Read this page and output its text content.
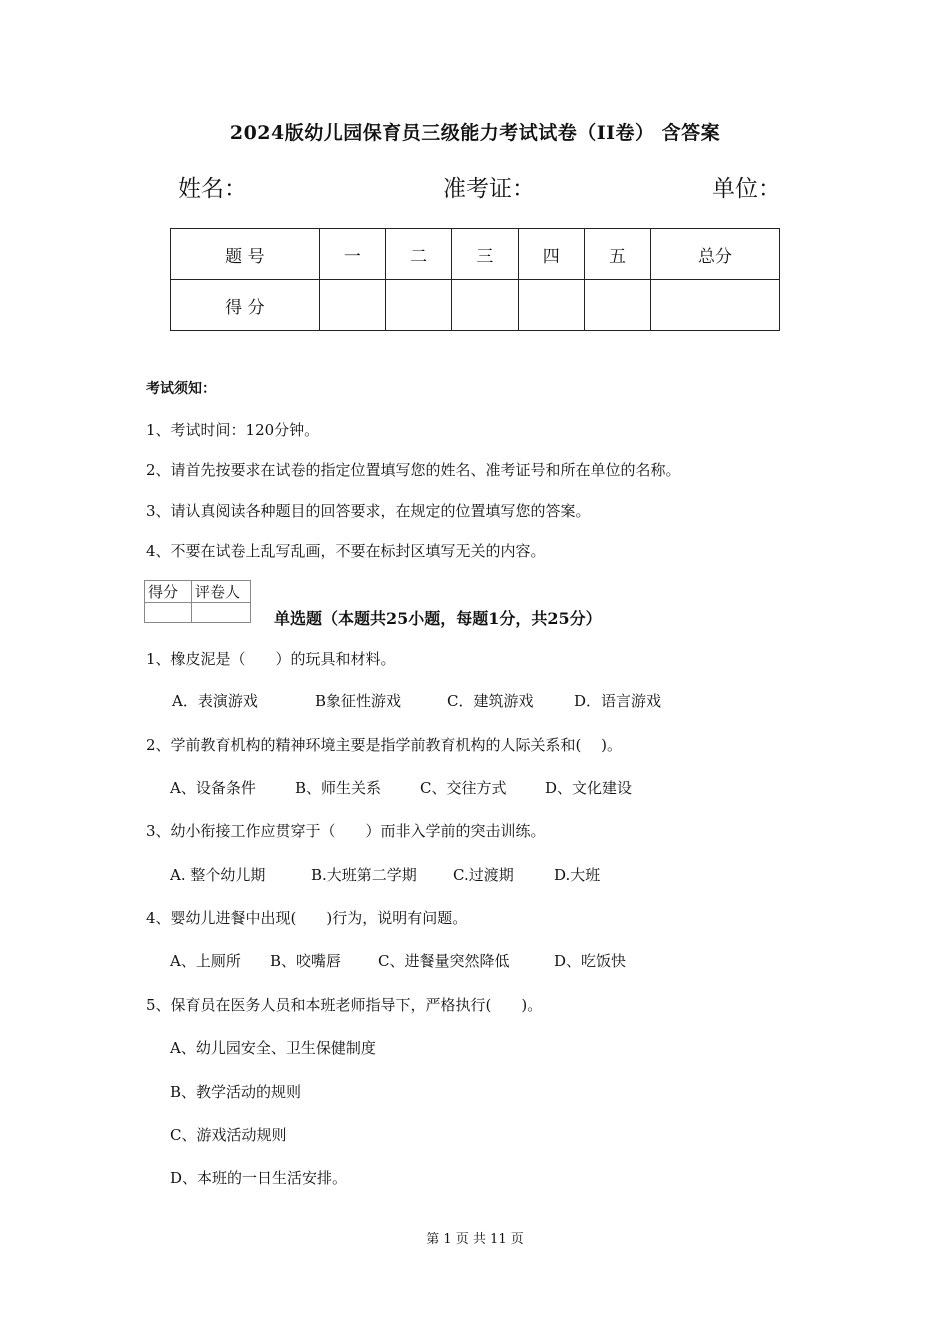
2024版幼儿园保育员三级能力考试试卷（II卷） 含答案
姓名：	准考证：	单位：
题 号	一	二	三	四	五	总分
得 分						
考试须知：
1、考试时间：120分钟。
2、请首先按要求在试卷的指定位置填写您的姓名、准考证号和所在单位的名称。
3、请认真阅读各种题目的回答要求，在规定的位置填写您的答案。
4、不要在试卷上乱写乱画，不要在标封区填写无关的内容。
得分	评卷人

单选题（本题共25小题，每题1分，共25分）
1、橡皮泥是（　　）的玩具和材料。
A．表演游戏	B象征性游戏	C．建筑游戏	D．语言游戏
2、学前教育机构的精神环境主要是指学前教育机构的人际关系和(　 )。
A、设备条件	B、师生关系	C、交往方式	D、文化建设
3、幼小衔接工作应贯穿于（　　）而非入学前的突击训练。
A. 整个幼儿期	B.大班第二学期 C.过渡期	D.大班
4、婴幼儿进餐中出现(　　)行为，说明有问题。
A、上厕所 B、咬嘴唇 C、进餐量突然降低	D、吃饭快
5、保育员在医务人员和本班老师指导下，严格执行(　　)。
A、幼儿园安全、卫生保健制度
B、教学活动的规则
C、游戏活动规则
D、本班的一日生活安排。
第 1 页 共 11 页
